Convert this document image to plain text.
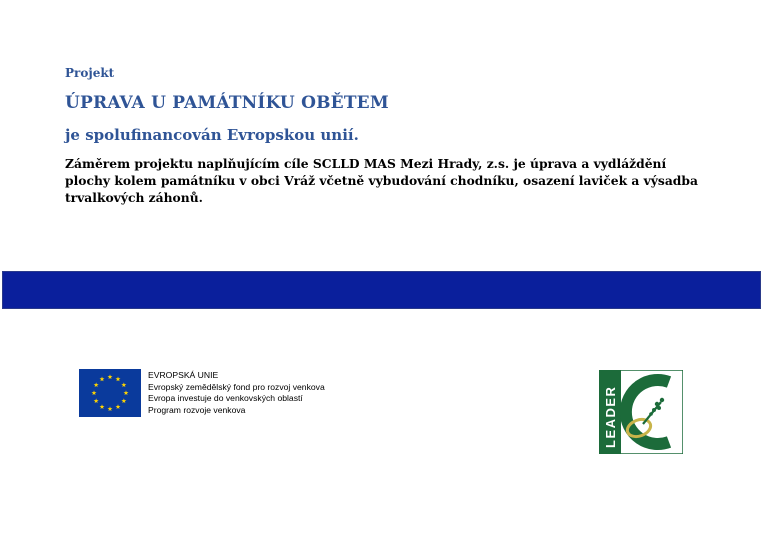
Projekt
ÚPRAVA U PAMÁTNÍKU OBĚTEM
je spolufinancován Evropskou unií.
Záměrem projektu naplňujícím cíle SCLLD MAS Mezi Hrady, z.s. je úprava a vydláždění plochy kolem památníku v obci Vráž včetně vybudování chodníku, osazení laviček a výsadba trvalkových záhonů.
EVROPSKÁ UNIE
Evropský zemědělský fond pro rozvoj venkova
Evropa investuje do venkovských oblastí
Program rozvoje venkova	LEADER
